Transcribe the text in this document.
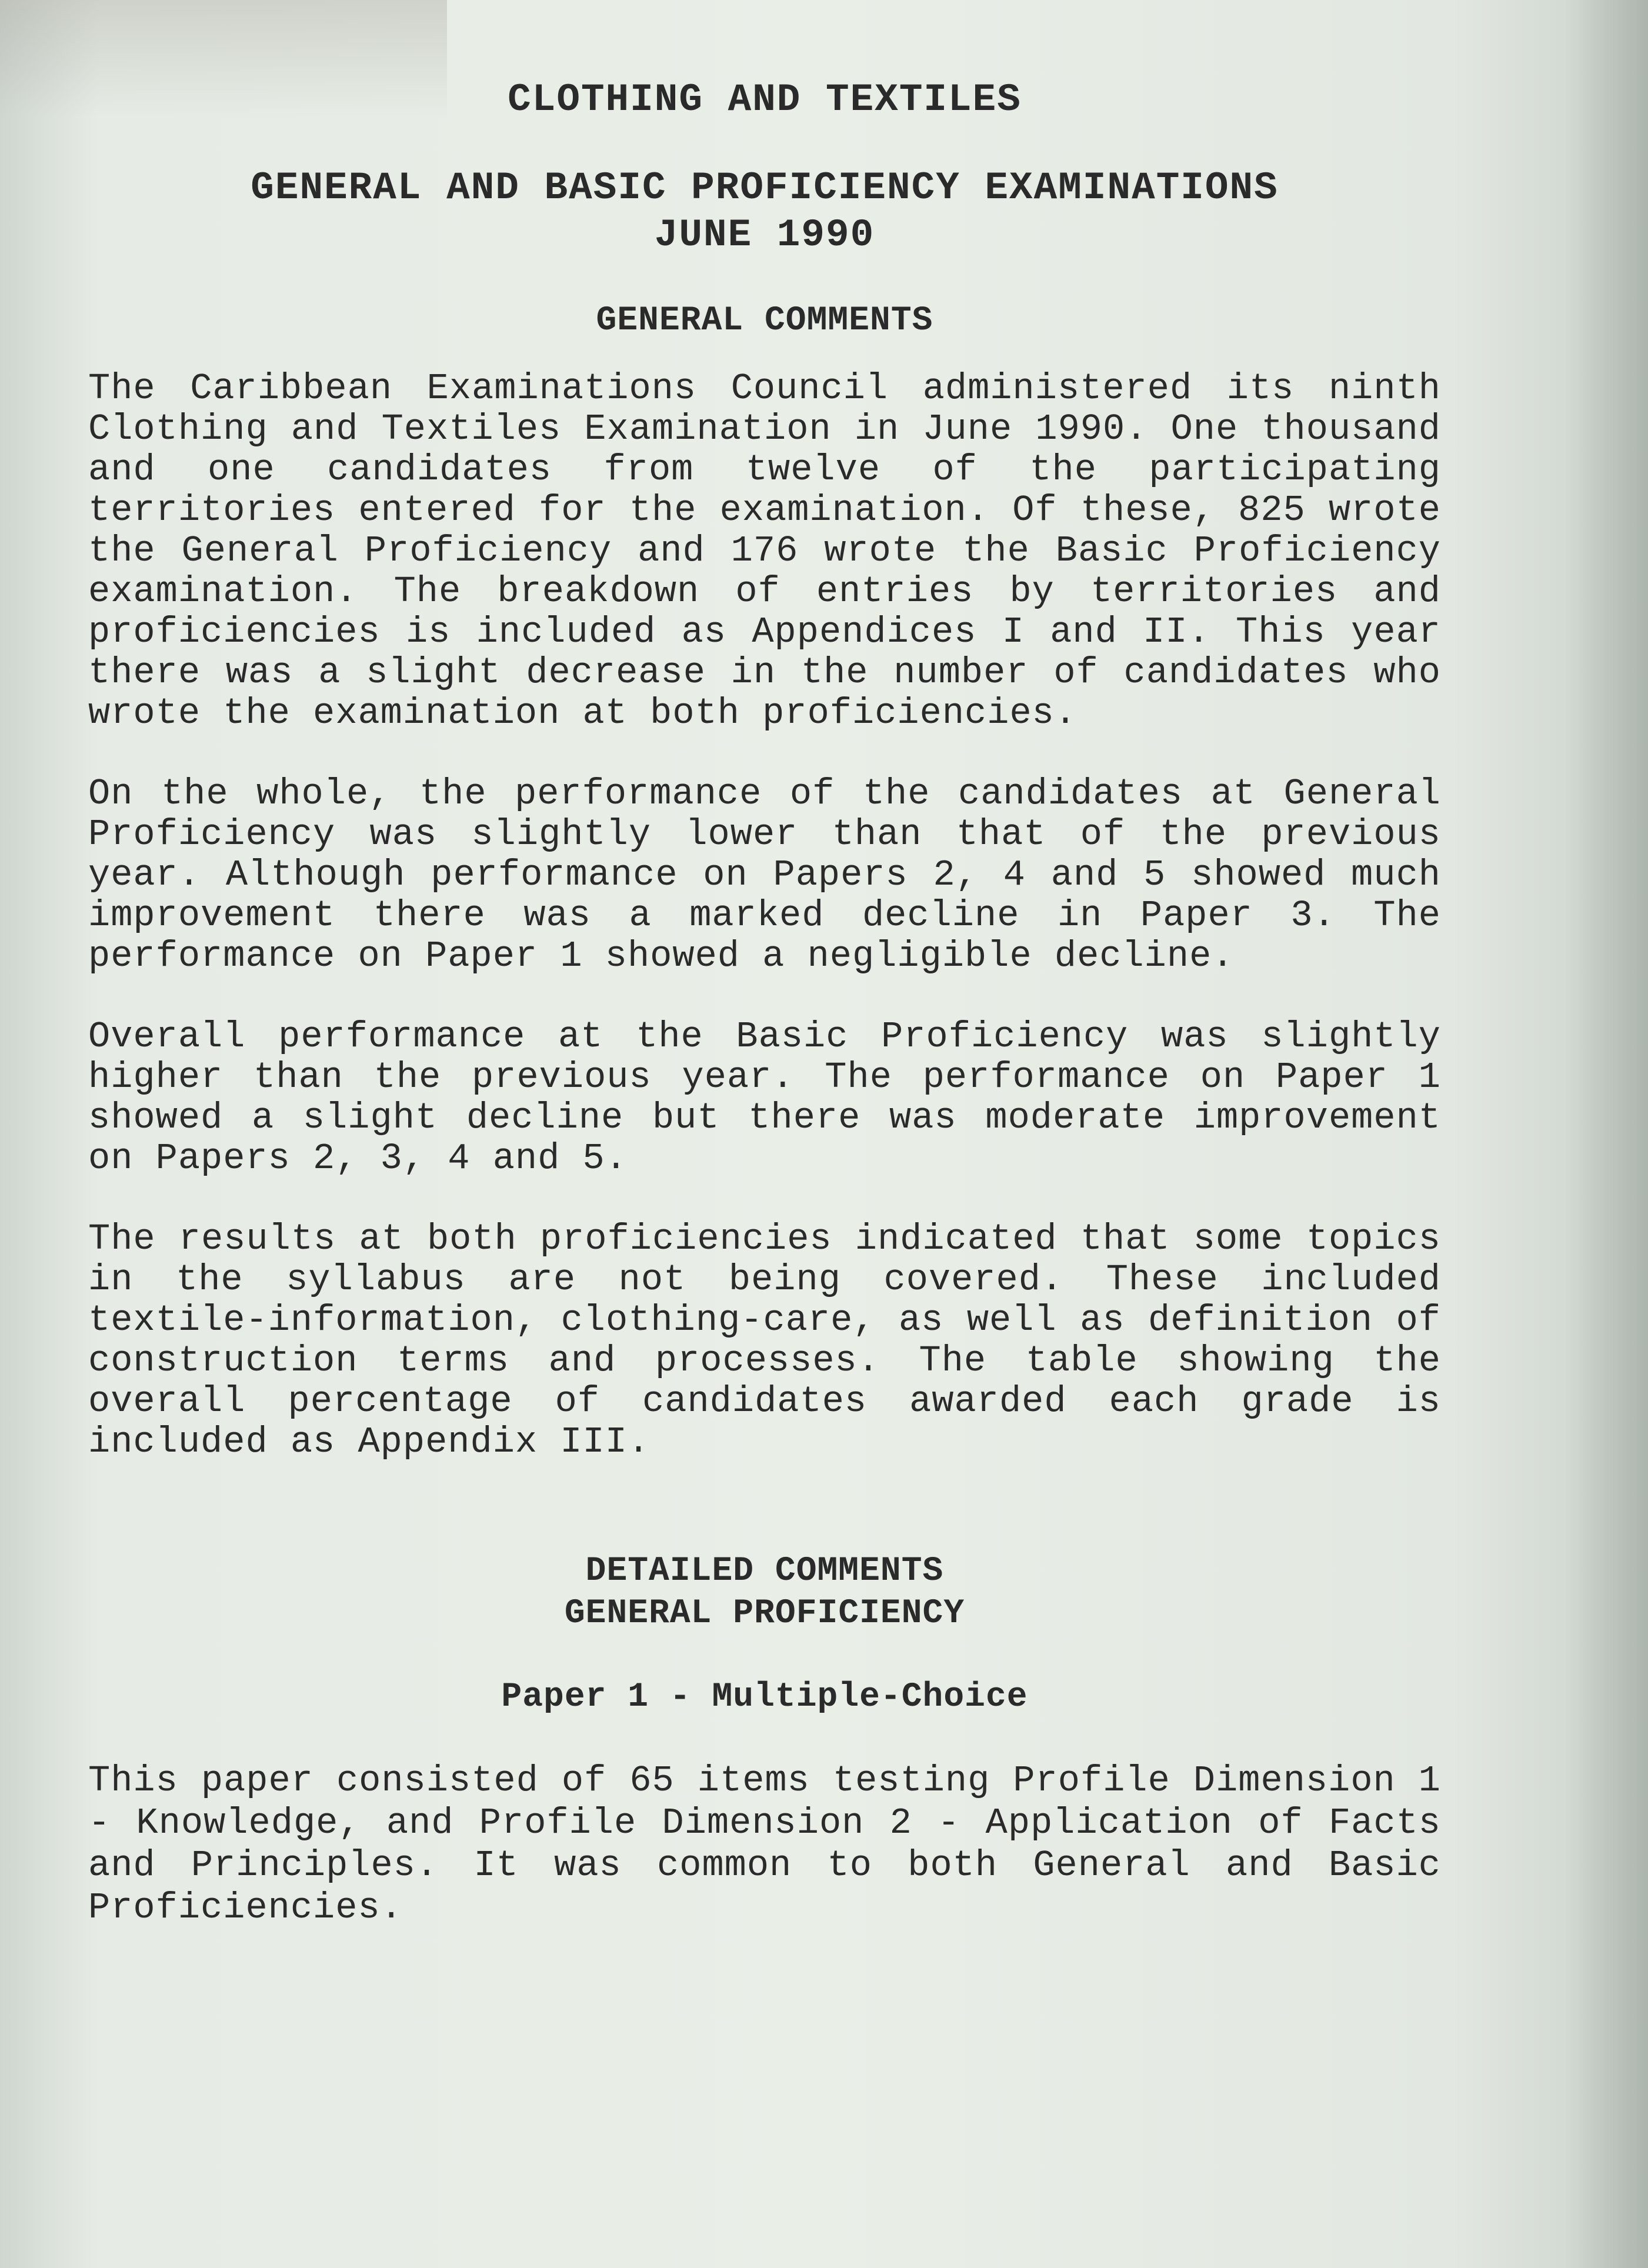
CLOTHING AND TEXTILES

GENERAL AND BASIC PROFICIENCY EXAMINATIONS

JUNE 1990

GENERAL COMMENTS

The Caribbean Examinations Council administered its ninth Clothing and Textiles Examination in June 1990. One thousand and one candidates from twelve of the participating territories entered for the examination. Of these, 825 wrote the General Proficiency and 176 wrote the Basic Proficiency examination. The breakdown of entries by territories and proficiencies is included as Appendices I and II. This year there was a slight decrease in the number of candidates who wrote the examination at both proficiencies.

On the whole, the performance of the candidates at General Proficiency was slightly lower than that of the previous year. Although performance on Papers 2, 4 and 5 showed much improvement there was a marked decline in Paper 3. The performance on Paper 1 showed a negligible decline.

Overall performance at the Basic Proficiency was slightly higher than the previous year. The performance on Paper 1 showed a slight decline but there was moderate improvement on Papers 2, 3, 4 and 5.

The results at both proficiencies indicated that some topics in the syllabus are not being covered. These included textile-information, clothing-care, as well as definition of construction terms and processes. The table showing the overall percentage of candidates awarded each grade is included as Appendix III.

DETAILED COMMENTS

GENERAL PROFICIENCY

Paper 1 - Multiple-Choice

This paper consisted of 65 items testing Profile Dimension 1 - Knowledge, and Profile Dimension 2 - Application of Facts and Principles. It was common to both General and Basic Proficiencies.
